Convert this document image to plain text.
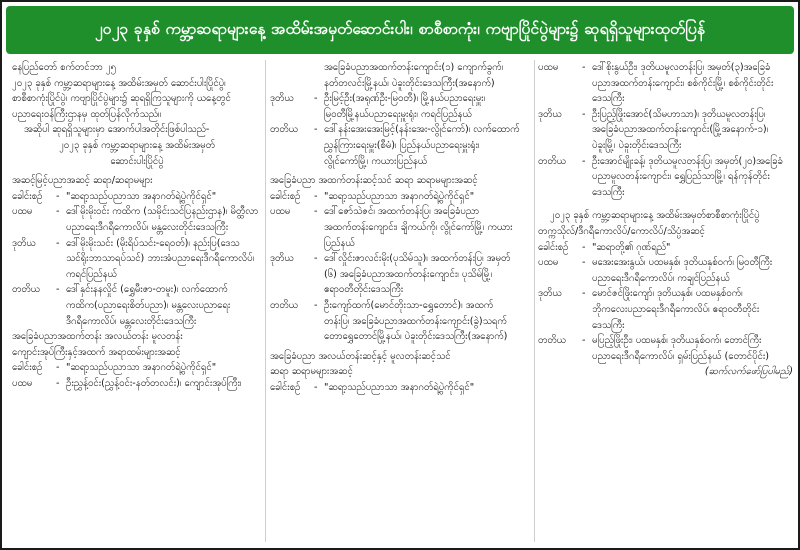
၂၀၂၃ ခုနှစ် ကမ္ဘာ့ဆရာများနေ့ အထိမ်းအမှတ်ဆောင်းပါး၊ စာစီစာကုံး၊ ကဗျာပြိုင်ပွဲများ၌ ဆုရရှိသူများထုတ်ပြန်

နေပြည်တော် စက်တင်ဘာ ၂၅

၂၀၂၃ ခုနှစ် ကမ္ဘာ့ဆရာများနေ့ အထိမ်းအမှတ် ဆောင်းပါးပြိုင်ပွဲ၊

စာစီစာကုံးပြိုင်ပွဲ၊ ကဗျာပြိုင်ပွဲများ၌ ဆုရရှိကြသူများကို ယနေ့တွင်

ပညာရေးဝန်ကြီးဌာနမှ ထုတ်ပြန်လိုက်သည်။

အဆိုပါ ဆုရရှိသူများမှာ အောက်ပါအတိုင်းဖြစ်ပါသည်-

၂၀၂၃ ခုနှစ် ကမ္ဘာ့ဆရာများနေ့ အထိမ်းအမှတ်

ဆောင်းပါးပြိုင်ပွဲ

အဆင့်မြင့်ပညာအဆင့် ဆရာ/ဆရာမများ

ခေါင်းစဉ်	- "ဆရာ့သည်ပညာသာ အနာဂတ်ရဲ့ပွဲကိုင်ရှင်"
ပထမ	- ဒေါ်မိုးမိုးဝင်း ကထိက (သမိုင်းသင်ပြနည်းဌာန)၊ မိတ္ထီလာ
ပညာရေးဒီဂရီကောလိပ်၊ မန္တလေးတိုင်းဒေသကြီး
ဒုတိယ	- ဒေါ်မိုးမိုးသင်း (မိုးရိပ်သင်း-ရေဝတ်)၊ နည်းပြ(ဒေသ
သင်ရိုးဘာသာရပ်သင်) ဘားအံပညာရေးဒီဂရီကောလိပ်၊
ကရင်ပြည်နယ်
တတိယ	- ဒေါ်နှင်းနနလှိုင် (ရွှေမီးဇာ-တမူး)၊ လက်ထောက်
ကထိက(ပညာရေးစိတ်ပညာ)၊ မန္တလေးပညာရေး
ဒီဂရီကောလိပ်၊ မန္တလေးတိုင်းဒေသကြီး

အခြေခံပညာအထက်တန်း အလယ်တန်း မူလတန်း

ကျောင်းအုပ်ကြီးနှင့်အထက် အရာထမ်းများအဆင့်

ခေါင်းစဉ်	- "ဆရာ့သည်ပညာသာ အနာဂတ်ရဲ့ပွဲကိုင်ရှင်"
ပထမ	- ဦးညွှန့်ဝင်း(ညွှန့်ဝင်း-နတ်တလင်း)၊ ကျောင်းအုပ်ကြီး၊

အခြေခံပညာအထက်တန်းကျောင်း(၁) ကျောက်ခွက်၊

နတ်တလင်းမြို့နယ်၊ ပဲခူးတိုင်းဒေသကြီး(အနောက်)

ဒုတိယ	- ဦးမြင့်ဦး(အရုဏ်ဦး-မြဝတီ)၊ မြို့နယ်ပညာရေးမှူး၊
မြဝတီမြို့နယ်ပညာရေးမှူးရုံး၊ ကရင်ပြည်နယ်
တတိယ	- ဒေါ်နန်းအေးအေးမြင့်(နန်းအေး-လွိုင်ကော်)၊ လက်ထောက်
ညွှန်ကြားရေးမှူး(စီမံ)၊ ပြည်နယ်ပညာရေးမှူးရုံး၊
လွိုင်ကော်မြို့၊ ကယားပြည်နယ်

အခြေခံပညာ အထက်တန်းဆင့်သင် ဆရာ ဆရာမများအဆင့်

ခေါင်းစဉ်	- "ဆရာ့သည်ပညာသာ အနာဂတ်ရဲ့ပွဲကိုင်ရှင်"
ပထမ	- ဒေါ်ဇော်သဲဇင်၊ အထက်တန်းပြ၊ အခြေခံပညာ
အထက်တန်းကျောင်း၊ ချိကယ်ကို၊ လွိုင်ကော်မြို့၊ ကယား
ပြည်နယ်
ဒုတိယ	- ဒေါ်လှိုင်းဇာလင်းမိုး(ပုသိမ်သူ)၊ အထက်တန်းပြ၊ အမှတ်
(၆) အခြေခံပညာအထက်တန်းကျောင်း၊ ပုသိမ်မြို့၊
ဧရာဝတီတိုင်းဒေသကြီး
တတိယ	- ဦးကျော်ထက်(မောင်တိုးသာ-ရွှေတောင်)၊ အထက်
တန်းပြ၊ အခြေခံပညာအထက်တန်းကျောင်း(ခွဲ)သရက်
တောရွှေတောင်မြို့နယ်၊ ပဲခူးတိုင်းဒေသကြီး(အနောက်)

အခြေခံပညာ အလယ်တန်းဆင့်နှင့် မူလတန်းဆင့်သင်

ဆရာ ဆရာမများအဆင့်

ခေါင်းစဉ်	- "ဆရာ့သည်ပညာသာ အနာဂတ်ရဲ့ပွဲကိုင်ရှင်"
ပထမ	- ဒေါ်စိုးနွယ်ဦး၊ ဒုတိယမူလတန်းပြ၊ အမှတ်(၃)အခြေခံ
ပညာအထက်တန်းကျောင်း၊ စစ်ကိုင်းမြို့၊ စစ်ကိုင်းတိုင်း
ဒေသကြီး
ဒုတိယ	- ဦးပြည့်ဖြိုးအောင်(သိမဟာသာ)၊ ဒုတိယမူလတန်းပြ၊
အခြေခံပညာအထက်တန်းကျောင်း(မြို့အနောက်-၁)၊
ပဲခူးမြို့၊ ပဲခူးတိုင်းဒေသကြီး
တတိယ	- ဦးအောင်မျိုးခန့်၊ ဒုတိယမူလတန်းပြ၊ အမှတ်(၂၀)အခြေခံ
ပညာမူလတန်းကျောင်း၊ ရွှေပြည်သာမြို့၊ ရန်ကုန်တိုင်း
ဒေသကြီး

၂၀၂၃ ခုနှစ် ကမ္ဘာ့ဆရာများနေ့ အထိမ်းအမှတ်စာစီစာကုံးပြိုင်ပွဲ

တက္ကသိုလ်/ဒီဂရီကောလိပ်/ကောလိပ်/သိပ္ပံအဆင့်

ခေါင်းစဉ်	- "ဆရာတို့၏ ဂုဏ်ရည်"
ပထမ	- မအေးအေးနွယ်၊ ပထမနှစ်၊ ဒုတိယနှစ်ဝက်၊ မြဝတီကြီး
ပညာရေးဒီဂရီကောလိပ်၊ ကချင်ပြည်နယ်
ဒုတိယ	- မောင်ဇင်ဖြိုးကျော်၊ ဒုတိယနှစ်၊ ပထမနှစ်ဝက်၊
ဘိုကလေးပညာရေးဒီဂရီကောလိပ်၊ ဧရာဝတီတိုင်း
ဒေသကြီး
တတိယ	- မပြည့်ဖြိုးဦး၊ ပထမနှစ်၊ ဒုတိယနှစ်ဝက်၊ တောင်ကြီး
ပညာရေးဒီဂရီကောလိပ်၊ ရှမ်းပြည်နယ် (တောင်ပိုင်း)

(ဆက်လက်ဖော်ပြပါမည်)
